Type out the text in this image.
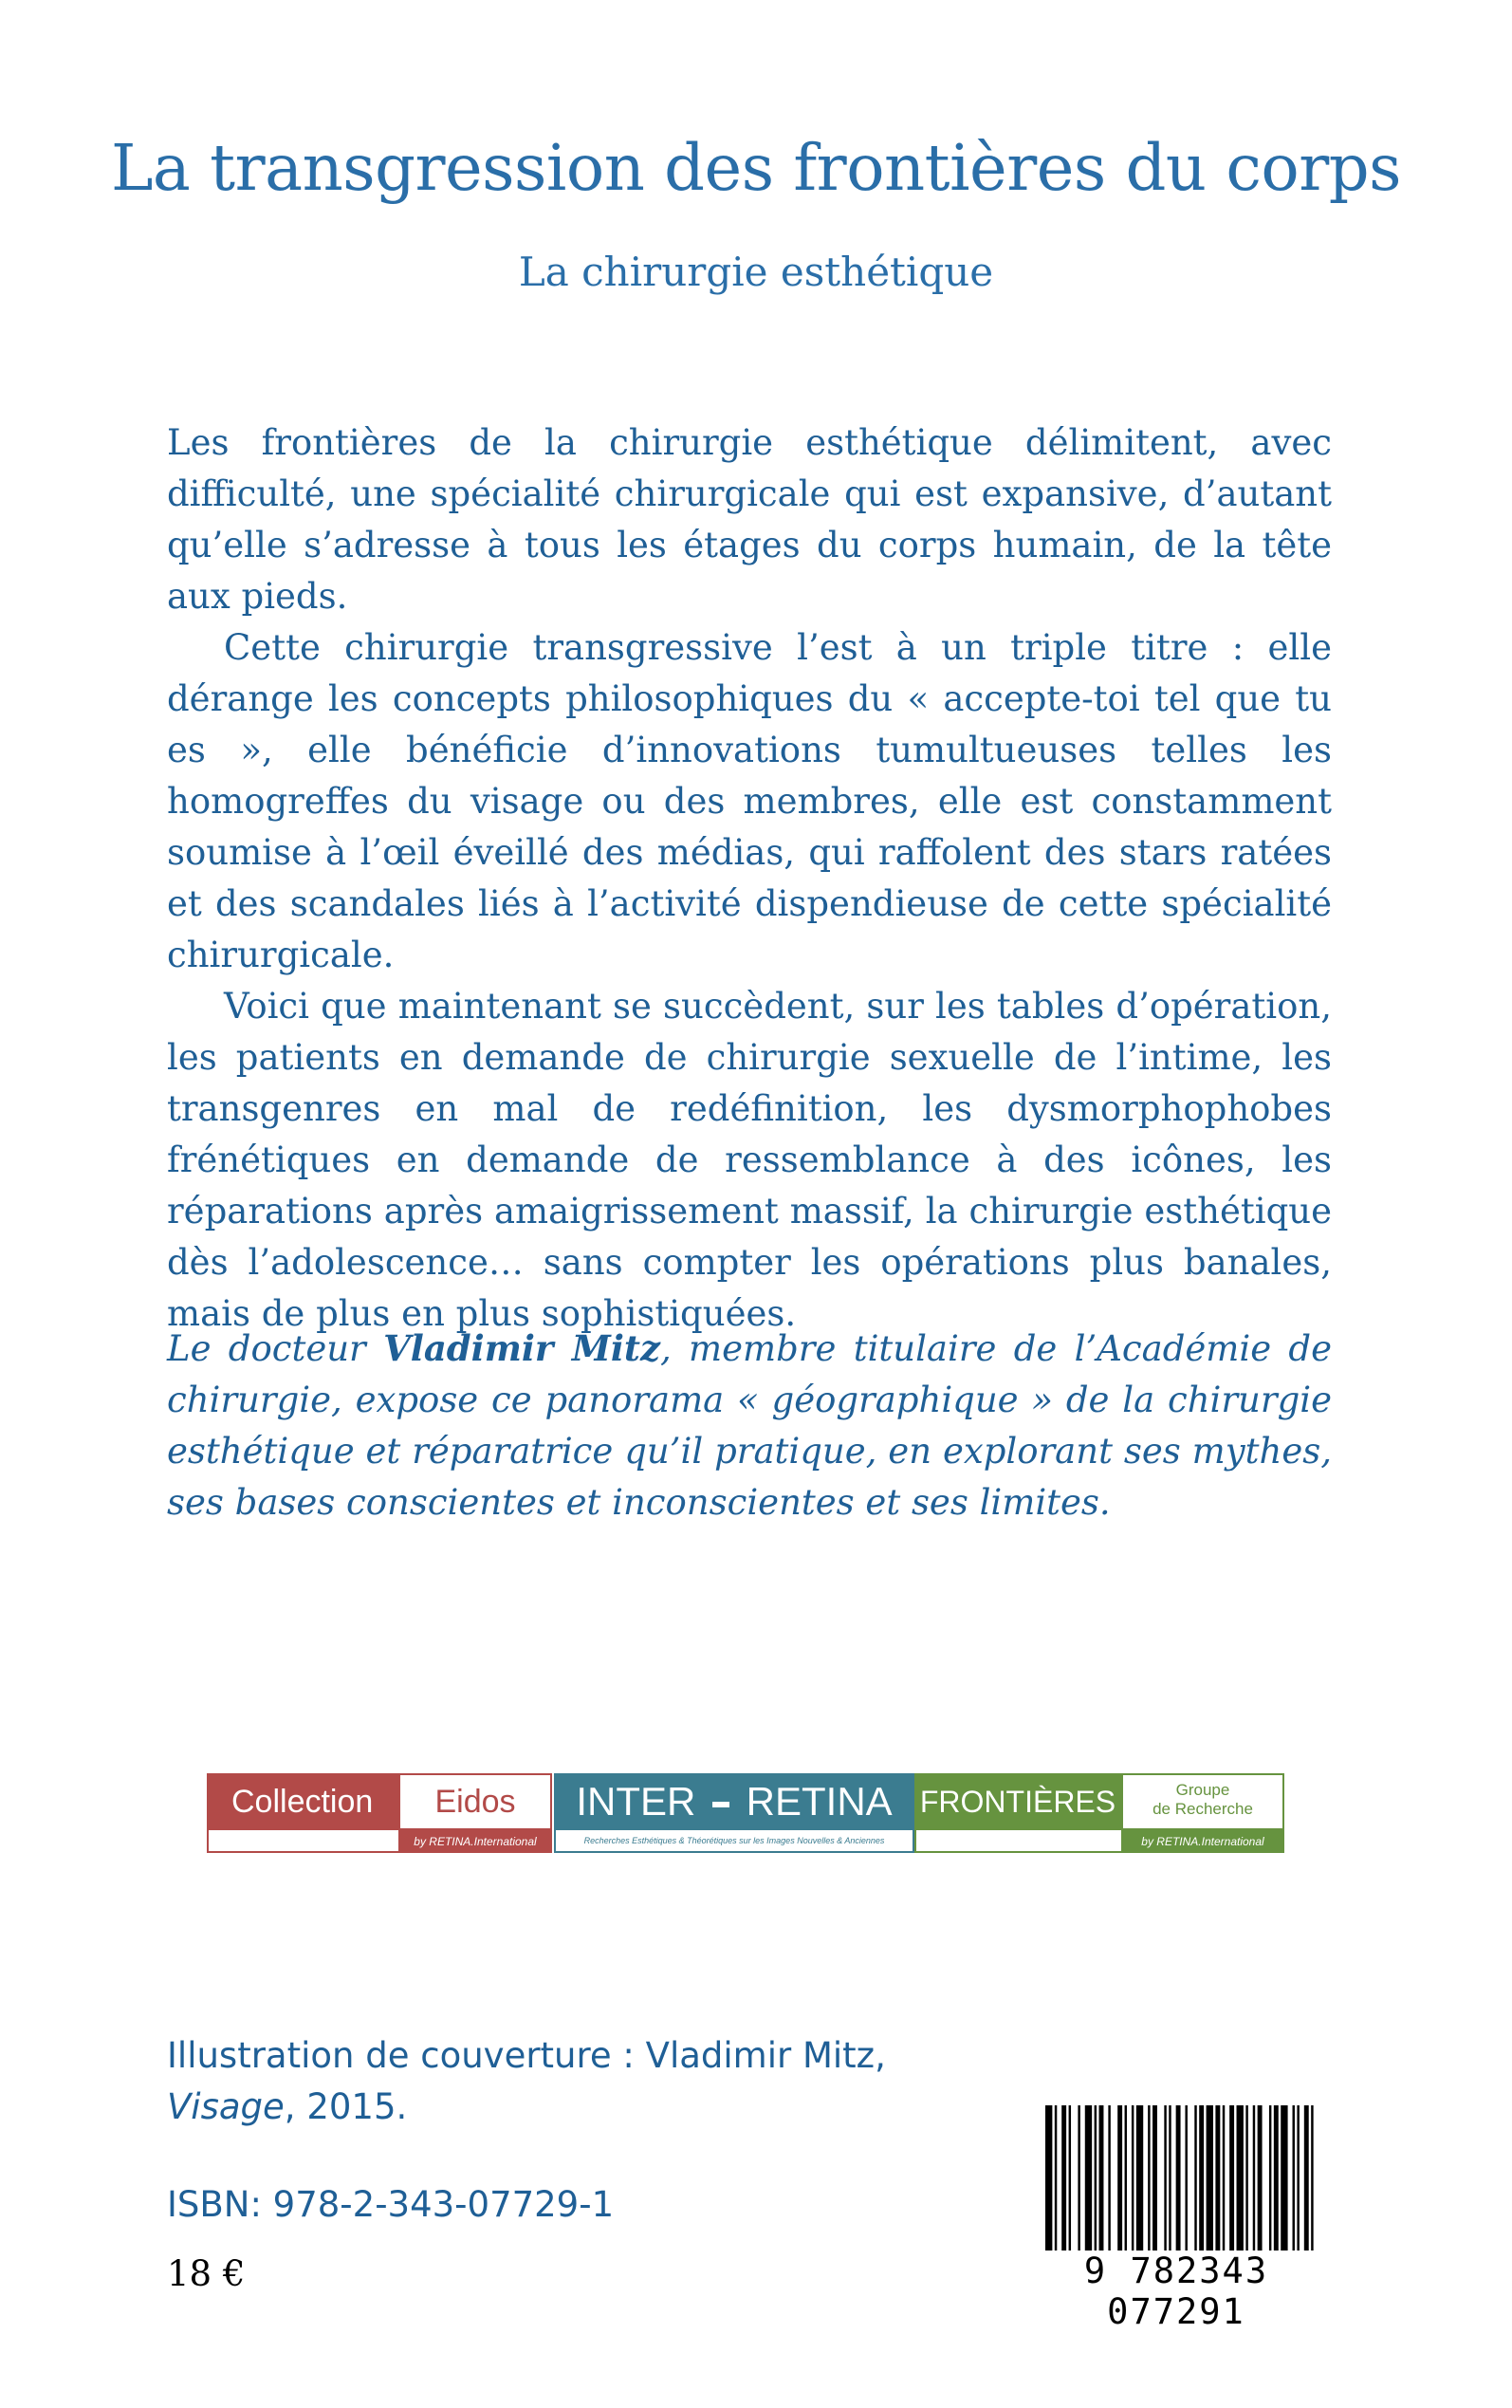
La transgression des frontières du corps
La chirurgie esthétique

Les frontières de la chirurgie esthétique délimitent, avec difficulté, une spécialité chirurgicale qui est expansive, d’autant qu’elle s’adresse à tous les étages du corps humain, de la tête aux pieds.

Cette chirurgie transgressive l’est à un triple titre : elle dérange les concepts philosophiques du « accepte-toi tel que tu es », elle bénéficie d’innovations tumultueuses telles les homogreffes du visage ou des membres, elle est constamment soumise à l’œil éveillé des médias, qui raffolent des stars ratées et des scandales liés à l’activité dispendieuse de cette spécialité chirurgicale.

Voici que maintenant se succèdent, sur les tables d’opération, les patients en demande de chirurgie sexuelle de l’intime, les transgenres en mal de redéfinition, les dysmorphophobes frénétiques en demande de ressemblance à des icônes, les réparations après amaigrissement massif, la chirurgie esthétique dès l’adolescence… sans compter les opérations plus banales, mais de plus en plus sophistiquées.

Le docteur Vladimir Mitz, membre titulaire de l’Académie de chirurgie, expose ce panorama « géographique » de la chirurgie esthétique et réparatrice qu’il pratique, en explorant ses mythes, ses bases conscientes et inconscientes et ses limites.
Collection	Eidos
by RETINA.International
INTER RETINA
Recherches Esthétiques & Théorétiques sur les Images Nouvelles & Anciennes
FRONTIÈRES	Groupe
de Recherche
by RETINA.International
Illustration de couverture : Vladimir Mitz,
Visage, 2015.
ISBN: 978-2-343-07729-1
18 €	9 782343 077291
